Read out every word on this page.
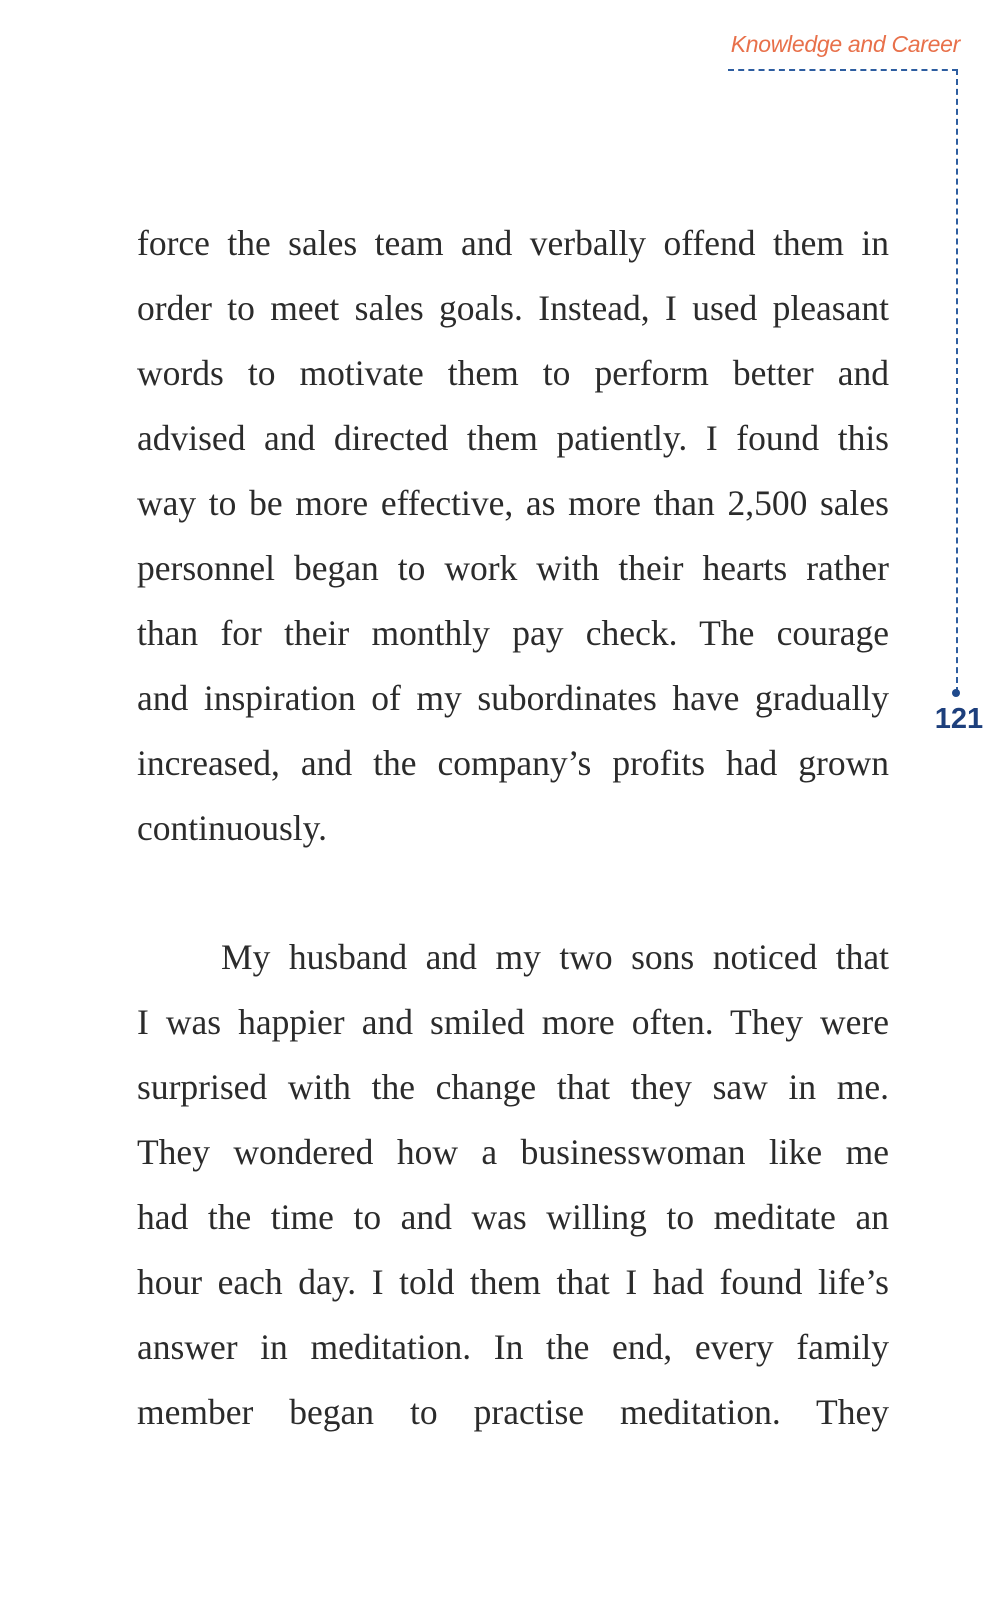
Knowledge and Career
121
force the sales team and verbally offend them in
order to meet sales goals. Instead, I used pleasant
words to motivate them to perform better and
advised and directed them patiently. I found this
way to be more effective, as more than 2,500 sales
personnel began to work with their hearts rather
than for their monthly pay check. The courage
and inspiration of my subordinates have gradually
increased, and the company’s profits had grown
continuously.
My husband and my two sons noticed that
I was happier and smiled more often. They were
surprised with the change that they saw in me.
They wondered how a businesswoman like me
had the time to and was willing to meditate an
hour each day. I told them that I had found life’s
answer in meditation. In the end, every family
member began to practise meditation. They
